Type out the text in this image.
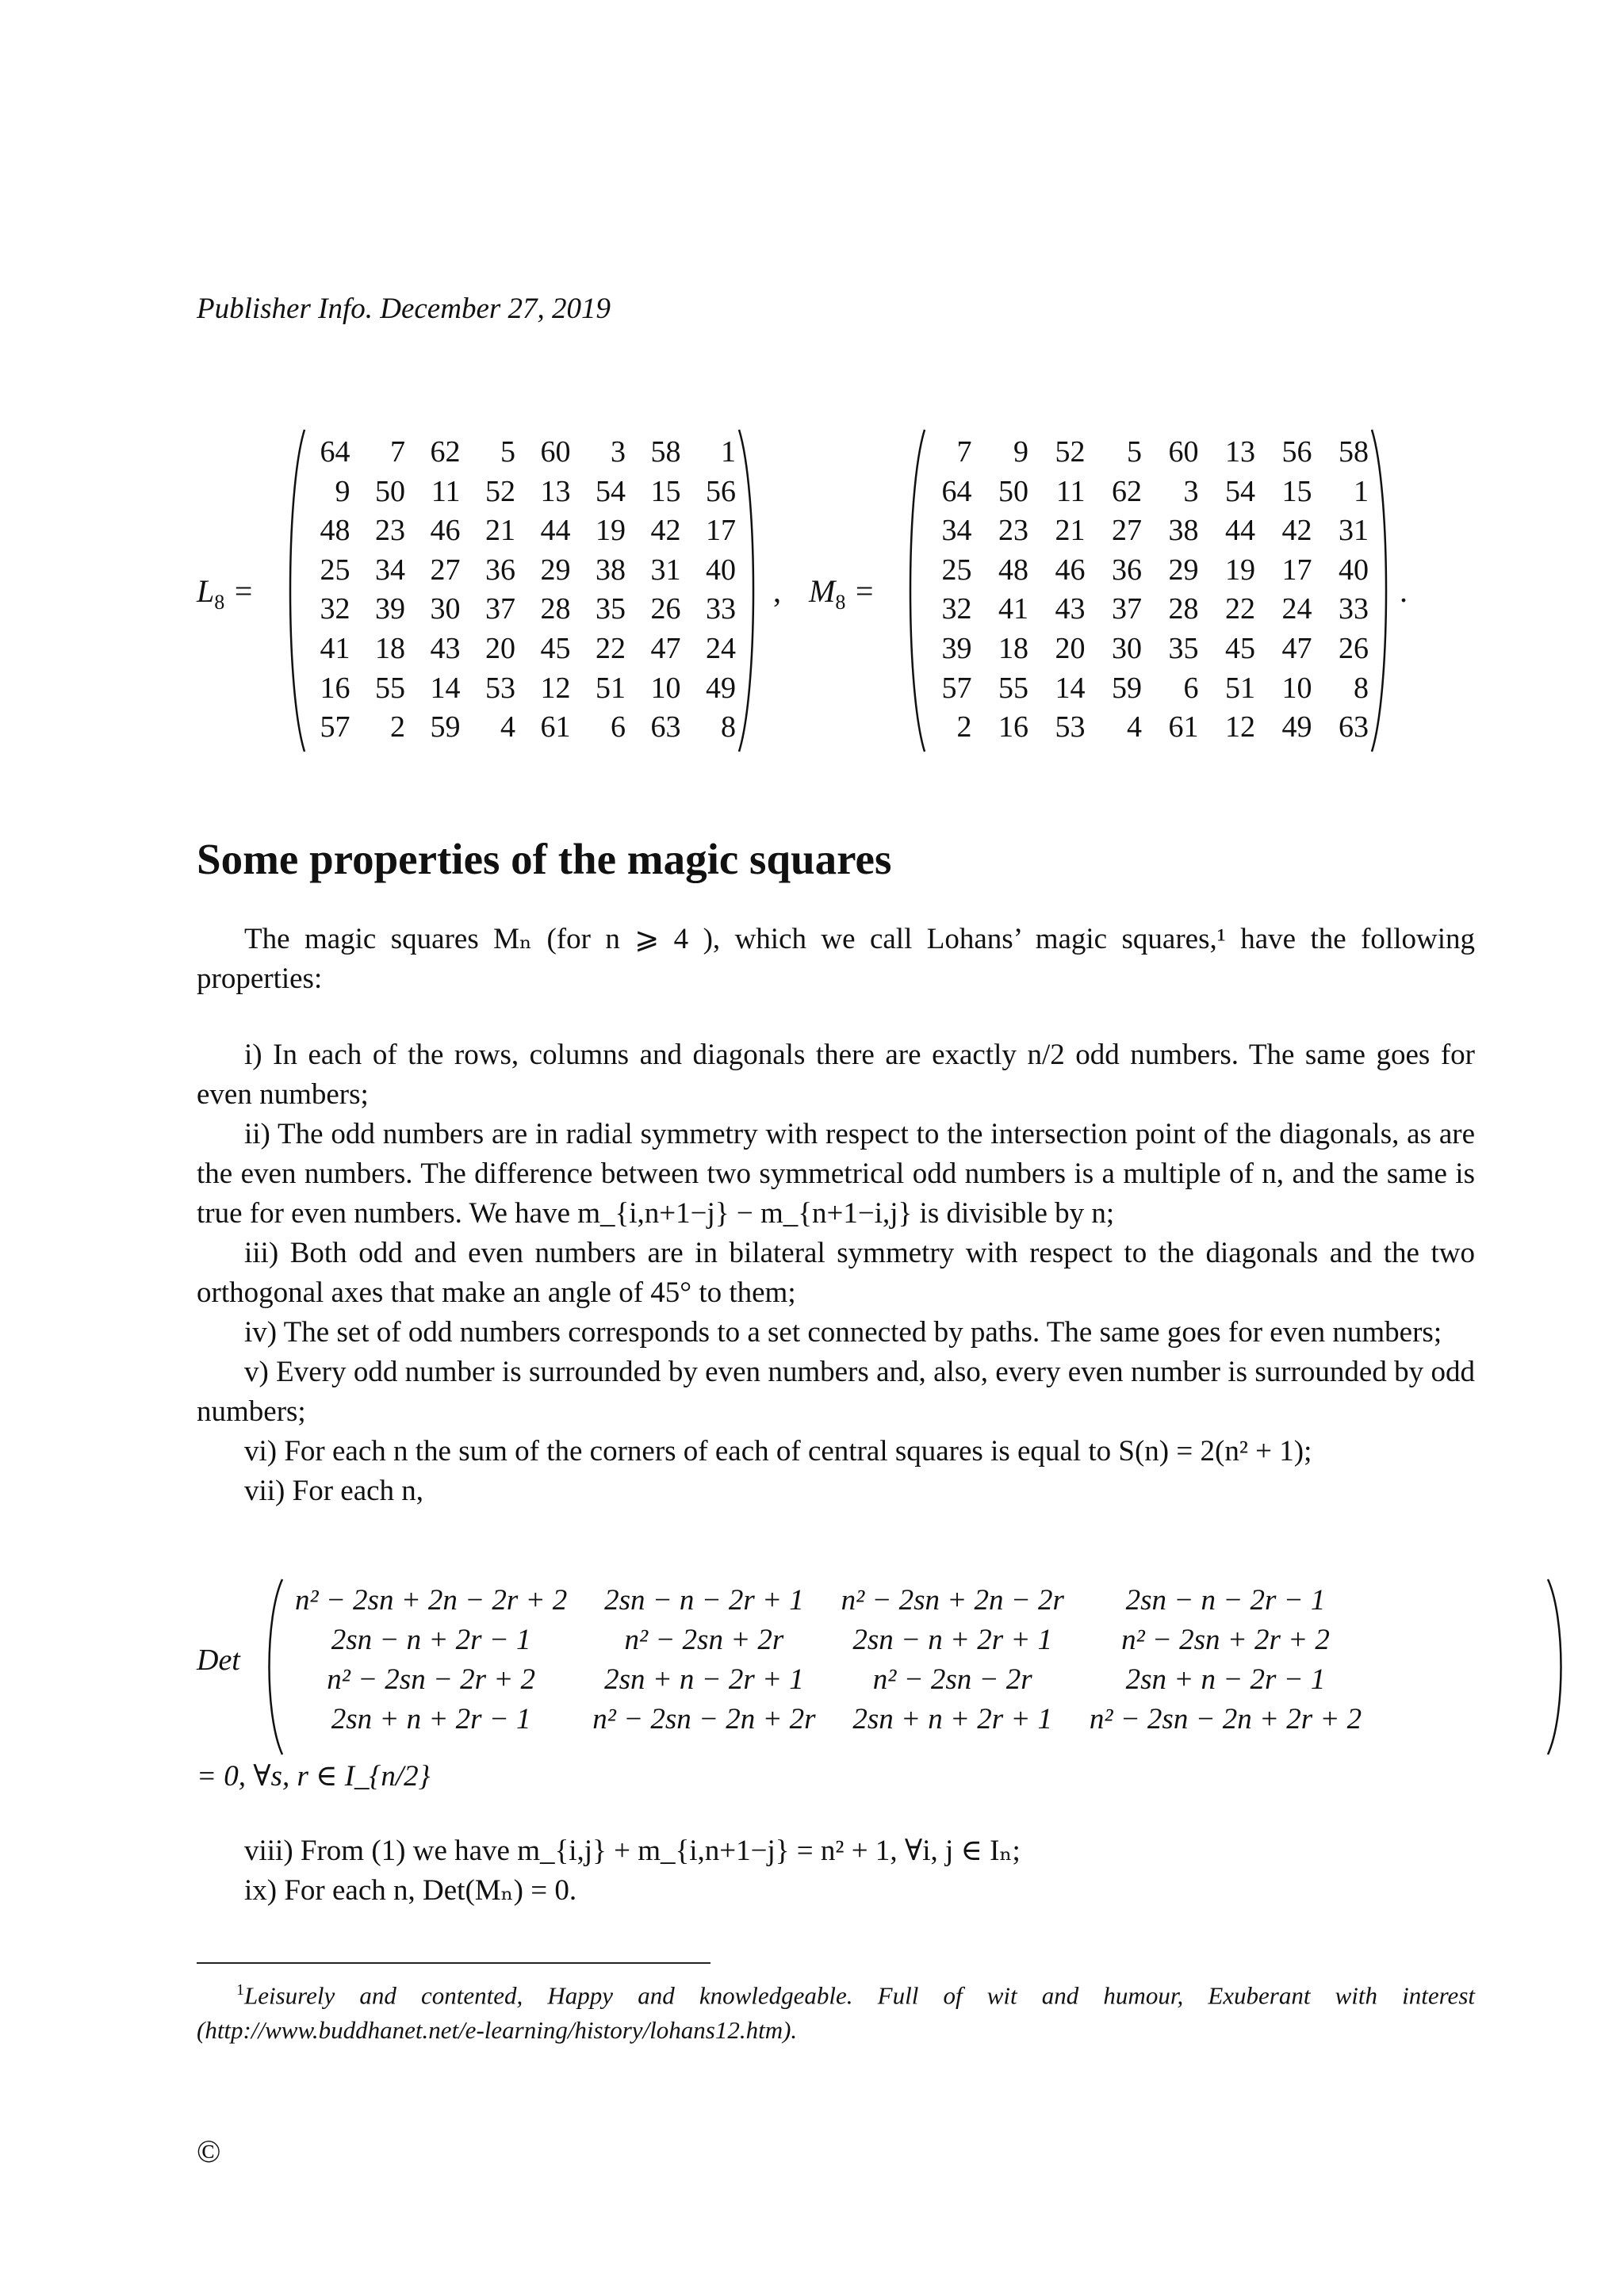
Publisher Info. December 27, 2019
$L_8$ =
64	7	62	5	60	3	58	1
9	50	11	52	13	54	15	56
48	23	46	21	44	19	42	17
25	34	27	36	29	38	31	40
32	39	30	37	28	35	26	33
41	18	43	20	45	22	47	24
16	55	14	53	12	51	10	49
57	2	59	4	61	6	63	8
, $M_8$ =
7	9	52	5	60	13	56	58
64	50	11	62	3	54	15	1
34	23	21	27	38	44	42	31
25	48	46	36	29	19	17	40
32	41	43	37	28	22	24	33
39	18	20	30	35	45	47	26
57	55	14	59	6	51	10	8
2	16	53	4	61	12	49	63
.
Some properties of the magic squares
The magic squares Mₙ (for n ⩾ 4 ), which we call Lohans’ magic squares,¹ have the following properties:
i) In each of the rows, columns and diagonals there are exactly n/2 odd numbers. The same goes for even numbers;
ii) The odd numbers are in radial symmetry with respect to the intersection point of the diagonals, as are the even numbers. The difference between two symmetrical odd numbers is a multiple of n, and the same is true for even numbers. We have m_{i,n+1−j} − m_{n+1−i,j} is divisible by n;
iii) Both odd and even numbers are in bilateral symmetry with respect to the diagonals and the two orthogonal axes that make an angle of 45° to them;
iv) The set of odd numbers corresponds to a set connected by paths. The same goes for even numbers;
v) Every odd number is surrounded by even numbers and, also, every even number is surrounded by odd numbers;
vi) For each n the sum of the corners of each of central squares is equal to S(n) = 2(n² + 1);
vii) For each n,
Det
n² − 2sn + 2n − 2r + 2	2sn − n − 2r + 1	n² − 2sn + 2n − 2r	2sn − n − 2r − 1
2sn − n + 2r − 1	n² − 2sn + 2r	2sn − n + 2r + 1	n² − 2sn + 2r + 2
n² − 2sn − 2r + 2	2sn + n − 2r + 1	n² − 2sn − 2r	2sn + n − 2r − 1
2sn + n + 2r − 1	n² − 2sn − 2n + 2r	2sn + n + 2r + 1	n² − 2sn − 2n + 2r + 2
= 0, ∀s, r ∈ I_{n/2}
viii) From (1) we have m_{i,j} + m_{i,n+1−j} = n² + 1, ∀i, j ∈ Iₙ;
ix) For each n, Det(Mₙ) = 0.
$^1$Leisurely and contented, Happy and knowledgeable. Full of wit and humour, Exuberant with interest (http://www.buddhanet.net/e-learning/history/lohans12.htm).
©
